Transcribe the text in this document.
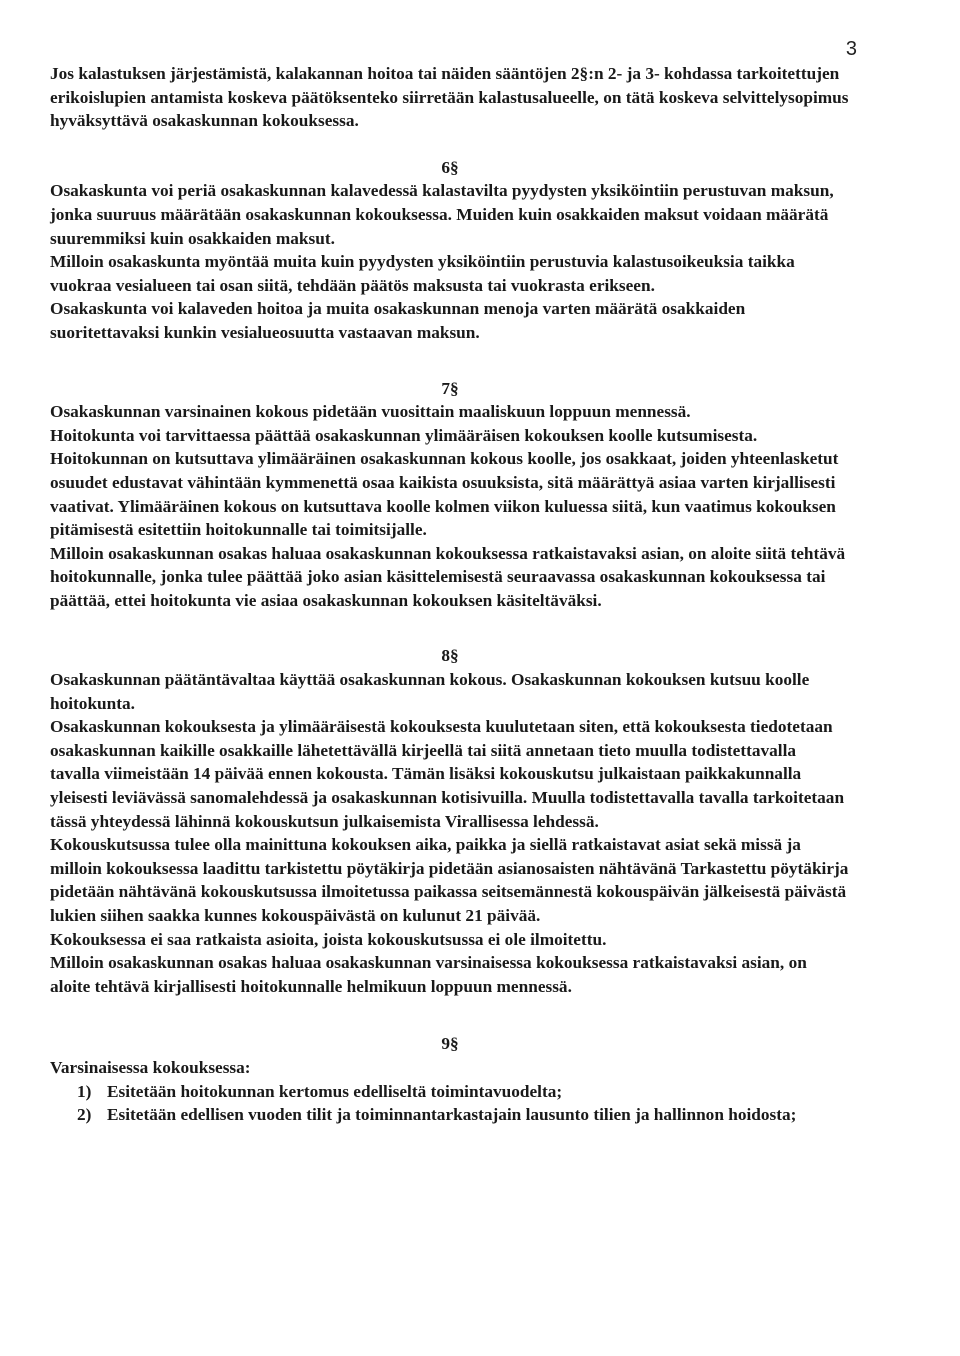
3

Jos kalastuksen järjestämistä, kalakannan hoitoa tai näiden sääntöjen 2§:n 2- ja 3- kohdassa tarkoitettujen erikoislupien antamista koskeva päätöksenteko siirretään kalastusalueelle, on tätä koskeva selvittelysopimus hyväksyttävä osakaskunnan kokouksessa.

6§

Osakaskunta voi periä osakaskunnan kalavedessä kalastavilta pyydysten yksiköintiin perustuvan maksun, jonka suuruus määrätään osakaskunnan kokouksessa. Muiden kuin osakkaiden maksut voidaan määrätä suuremmiksi kuin osakkaiden maksut.

Milloin osakaskunta myöntää muita kuin pyydysten yksiköintiin perustuvia kalastusoikeuksia taikka vuokraa vesialueen tai osan siitä, tehdään päätös maksusta tai vuokrasta erikseen.

Osakaskunta voi kalaveden hoitoa ja muita osakaskunnan menoja varten määrätä osakkaiden suoritettavaksi kunkin vesialueosuutta vastaavan maksun.

7§

Osakaskunnan varsinainen kokous pidetään vuosittain maaliskuun loppuun mennessä.

Hoitokunta voi tarvittaessa päättää osakaskunnan ylimääräisen kokouksen koolle kutsumisesta. Hoitokunnan on kutsuttava ylimääräinen osakaskunnan kokous koolle, jos osakkaat, joiden yhteenlasketut osuudet edustavat vähintään kymmenettä osaa kaikista osuuksista, sitä määrättyä asiaa varten kirjallisesti vaativat. Ylimääräinen kokous on kutsuttava koolle kolmen viikon kuluessa siitä, kun vaatimus kokouksen pitämisestä esitettiin hoitokunnalle tai toimitsijalle.

Milloin osakaskunnan osakas haluaa osakaskunnan kokouksessa ratkaistavaksi asian, on aloite siitä tehtävä hoitokunnalle, jonka tulee päättää joko asian käsittelemisestä seuraavassa osakaskunnan kokouksessa tai päättää, ettei hoitokunta vie asiaa osakaskunnan kokouksen käsiteltäväksi.

8§

Osakaskunnan päätäntävaltaa käyttää osakaskunnan kokous. Osakaskunnan kokouksen kutsuu koolle hoitokunta.

Osakaskunnan kokouksesta ja ylimääräisestä kokouksesta kuulutetaan siten, että kokouksesta tiedotetaan osakaskunnan kaikille osakkaille lähetettävällä kirjeellä tai siitä annetaan tieto muulla todistettavalla tavalla viimeistään 14 päivää ennen kokousta. Tämän lisäksi kokouskutsu julkaistaan paikkakunnalla yleisesti leviävässä sanomalehdessä ja osakaskunnan kotisivuilla. Muulla todistettavalla tavalla tarkoitetaan tässä yhteydessä lähinnä kokouskutsun julkaisemista Virallisessa lehdessä.

Kokouskutsussa tulee olla mainittuna kokouksen aika, paikka ja siellä ratkaistavat asiat sekä missä ja milloin kokouksessa laadittu tarkistettu pöytäkirja pidetään asianosaisten nähtävänä Tarkastettu pöytäkirja pidetään nähtävänä kokouskutsussa ilmoitetussa paikassa seitsemännestä kokouspäivän jälkeisestä päivästä lukien siihen saakka kunnes kokouspäivästä on kulunut 21 päivää.

Kokouksessa ei saa ratkaista asioita, joista kokouskutsussa ei ole ilmoitettu.

Milloin osakaskunnan osakas haluaa osakaskunnan varsinaisessa kokouksessa ratkaistavaksi asian, on aloite tehtävä kirjallisesti hoitokunnalle helmikuun loppuun mennessä.

9§

Varsinaisessa kokouksessa:

1) Esitetään hoitokunnan kertomus edelliseltä toimintavuodelta;
2) Esitetään edellisen vuoden tilit ja toiminnantarkastajain lausunto tilien ja hallinnon hoidosta;
